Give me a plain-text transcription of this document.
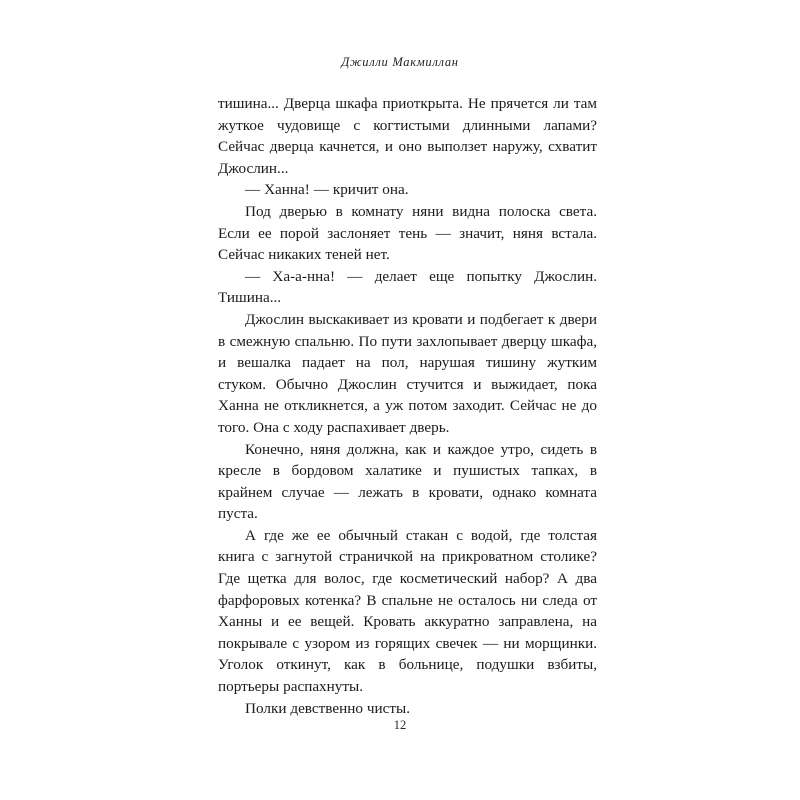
Джилли Макмиллан

тишина... Дверца шкафа приоткрыта. Не прячется ли там жуткое чудовище с когтистыми длинными лапами? Сейчас дверца качнется, и оно выползет наружу, схватит Джослин...

— Ханна! — кричит она.

Под дверью в комнату няни видна полоска света. Если ее порой заслоняет тень — значит, няня встала. Сейчас никаких теней нет.

— Ха-а-нна! — делает еще попытку Джослин. Тишина...

Джослин выскакивает из кровати и подбегает к двери в смежную спальню. По пути захлопывает дверцу шкафа, и вешалка падает на пол, нарушая тишину жутким стуком. Обычно Джослин стучится и выжидает, пока Ханна не откликнется, а уж потом заходит. Сейчас не до того. Она с ходу распахивает дверь.

Конечно, няня должна, как и каждое утро, сидеть в кресле в бордовом халатике и пушистых тапках, в крайнем случае — лежать в кровати, однако комната пуста.

А где же ее обычный стакан с водой, где толстая книга с загнутой страничкой на прикроватном столике? Где щетка для волос, где косметический набор? А два фарфоровых котенка? В спальне не осталось ни следа от Ханны и ее вещей. Кровать аккуратно заправлена, на покрывале с узором из горящих свечек — ни морщинки. Уголок откинут, как в больнице, подушки взбиты, портьеры распахнуты.

Полки девственно чисты.

12
